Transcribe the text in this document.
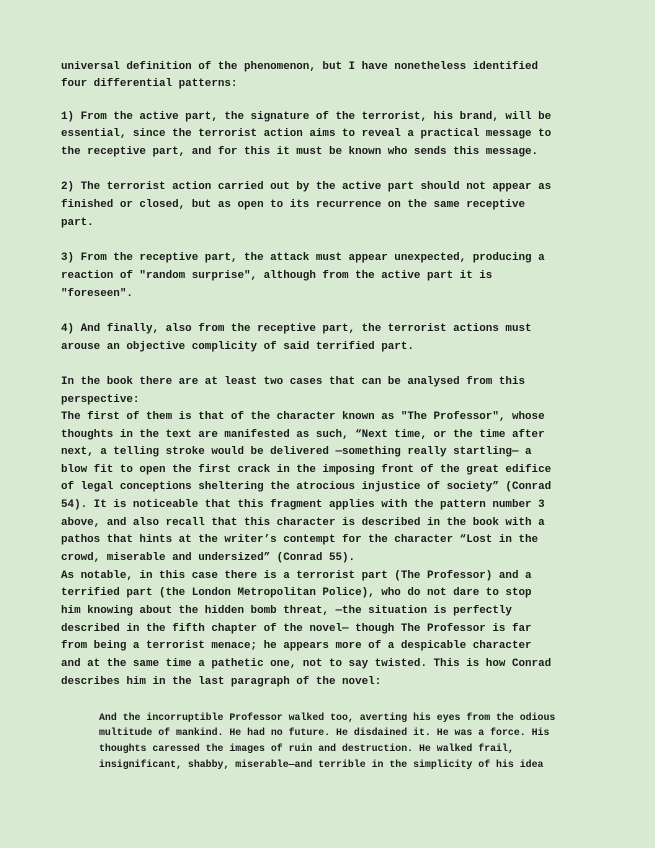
universal definition of the phenomenon, but I have nonetheless identified
four differential patterns:
1) From the active part, the signature of the terrorist, his brand, will be
essential, since the terrorist action aims to reveal a practical message to
the receptive part, and for this it must be known who sends this message.
2) The terrorist action carried out by the active part should not appear as
finished or closed, but as open to its recurrence on the same receptive
part.
3) From the receptive part, the attack must appear unexpected, producing a
reaction of "random surprise", although from the active part it is
"foreseen".
4) And finally, also from the receptive part, the terrorist actions must
arouse an objective complicity of said terrified part.
In the book there are at least two cases that can be analysed from this
perspective:
The first of them is that of the character known as "The Professor", whose
thoughts in the text are manifested as such, “Next time, or the time after
next, a telling stroke would be delivered —something really startling— a
blow fit to open the first crack in the imposing front of the great edifice
of legal conceptions sheltering the atrocious injustice of society” (Conrad
54). It is noticeable that this fragment applies with the pattern number 3
above, and also recall that this character is described in the book with a
pathos that hints at the writer’s contempt for the character “Lost in the
crowd, miserable and undersized” (Conrad 55).
As notable, in this case there is a terrorist part (The Professor) and a
terrified part (the London Metropolitan Police), who do not dare to stop
him knowing about the hidden bomb threat, —the situation is perfectly
described in the fifth chapter of the novel— though The Professor is far
from being a terrorist menace; he appears more of a despicable character
and at the same time a pathetic one, not to say twisted. This is how Conrad
describes him in the last paragraph of the novel:
And the incorruptible Professor walked too, averting his eyes from the odious
multitude of mankind. He had no future. He disdained it. He was a force. His
thoughts caressed the images of ruin and destruction. He walked frail,
insignificant, shabby, miserable—and terrible in the simplicity of his idea
